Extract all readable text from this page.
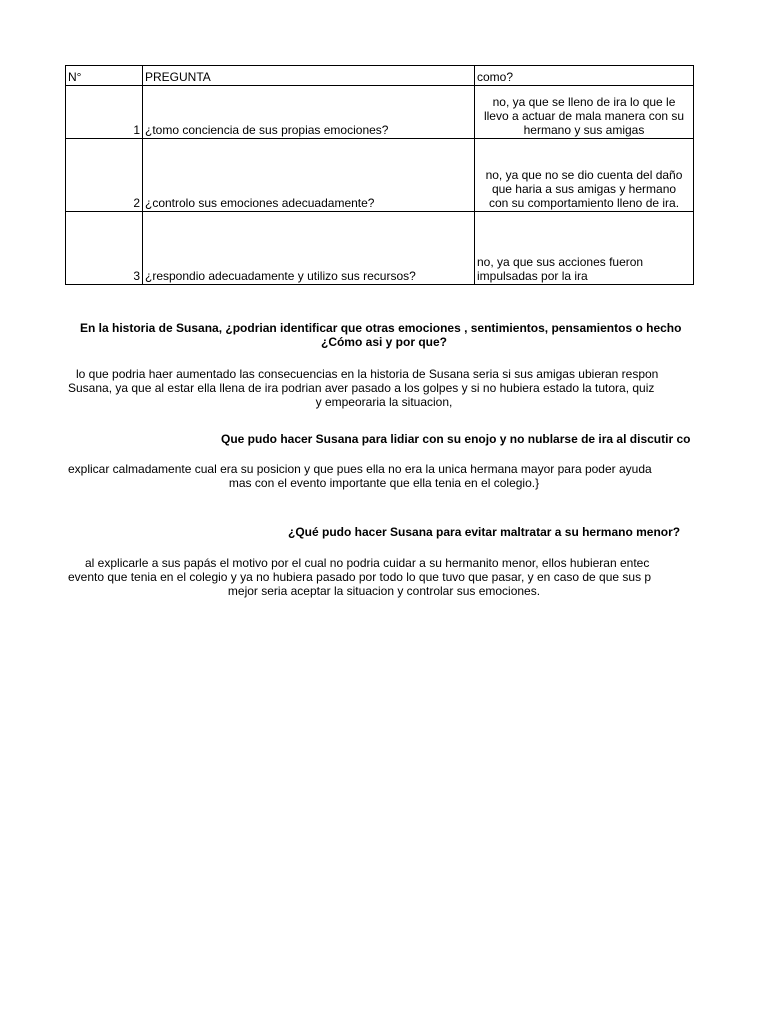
N°	PREGUNTA	como?
1	¿tomo conciencia de sus propias emociones?	no, ya que se lleno de ira lo que le
llevo a actuar de mala manera con su
hermano y sus amigas

2	¿controlo sus emociones adecuadamente?	no, ya que no se dio cuenta del daño
que haria a sus amigas y hermano
con su comportamiento lleno de ira.

3	¿respondio adecuadamente y utilizo sus recursos?	no, ya que sus acciones fueron
impulsadas por la ira
En la historia de Susana, ¿podrian identificar que otras emociones , sentimientos, pensamientos o hecho
¿Cómo asi y por que?
lo que podria haer aumentado las consecuencias en la historia de Susana seria si sus amigas ubieran respon
Susana, ya que al estar ella llena de ira podrian aver pasado a los golpes y si no hubiera estado la tutora, quiz
y empeoraria la situacion,
Que pudo hacer Susana para lidiar con su enojo y no nublarse de ira al discutir co
explicar calmadamente cual era su posicion y que pues ella no era la unica hermana mayor para poder ayuda
mas con el evento importante que ella tenia en el colegio.}
¿Qué pudo hacer Susana para evitar maltratar a su hermano menor?
al explicarle a sus papás el motivo por el cual no podria cuidar a su hermanito menor, ellos hubieran entec
evento que tenia en el colegio y ya no hubiera pasado por todo lo que tuvo que pasar, y en caso de que sus p
mejor seria aceptar la situacion y controlar sus emociones.
